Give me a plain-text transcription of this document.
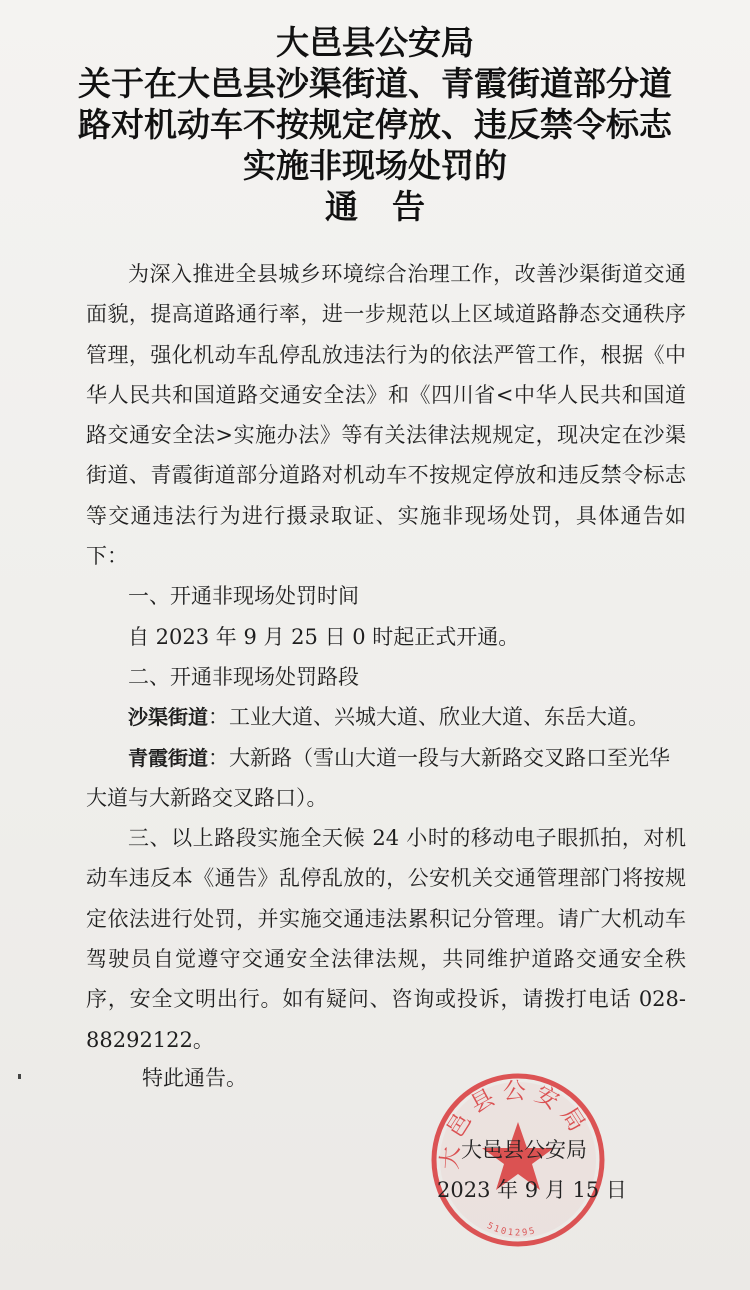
大邑县公安局
关于在大邑县沙渠街道、青霞街道部分道
路对机动车不按规定停放、违反禁令标志
实施非现场处罚的
通告

为深入推进全县城乡环境综合治理工作，改善沙渠街道交通面貌，提高道路通行率，进一步规范以上区域道路静态交通秩序管理，强化机动车乱停乱放违法行为的依法严管工作，根据《中华人民共和国道路交通安全法》和《四川省<中华人民共和国道路交通安全法>实施办法》等有关法律法规规定，现决定在沙渠街道、青霞街道部分道路对机动车不按规定停放和违反禁令标志等交通违法行为进行摄录取证、实施非现场处罚，具体通告如下：

一、开通非现场处罚时间

自 2023 年 9 月 25 日 0 时起正式开通。

二、开通非现场处罚路段

沙渠街道：工业大道、兴城大道、欣业大道、东岳大道。

青霞街道：大新路（雪山大道一段与大新路交叉路口至光华大道与大新路交叉路口）。

三、以上路段实施全天候 24 小时的移动电子眼抓拍，对机动车违反本《通告》乱停乱放的，公安机关交通管理部门将按规定依法进行处罚，并实施交通违法累积记分管理。请广大机动车驾驶员自觉遵守交通安全法律法规，共同维护道路交通安全秩序，安全文明出行。如有疑问、咨询或投诉，请拨打电话 028-88292122。

特此通告。
大邑县公安局
5101295
大邑县公安局
2023 年 9 月 15 日
